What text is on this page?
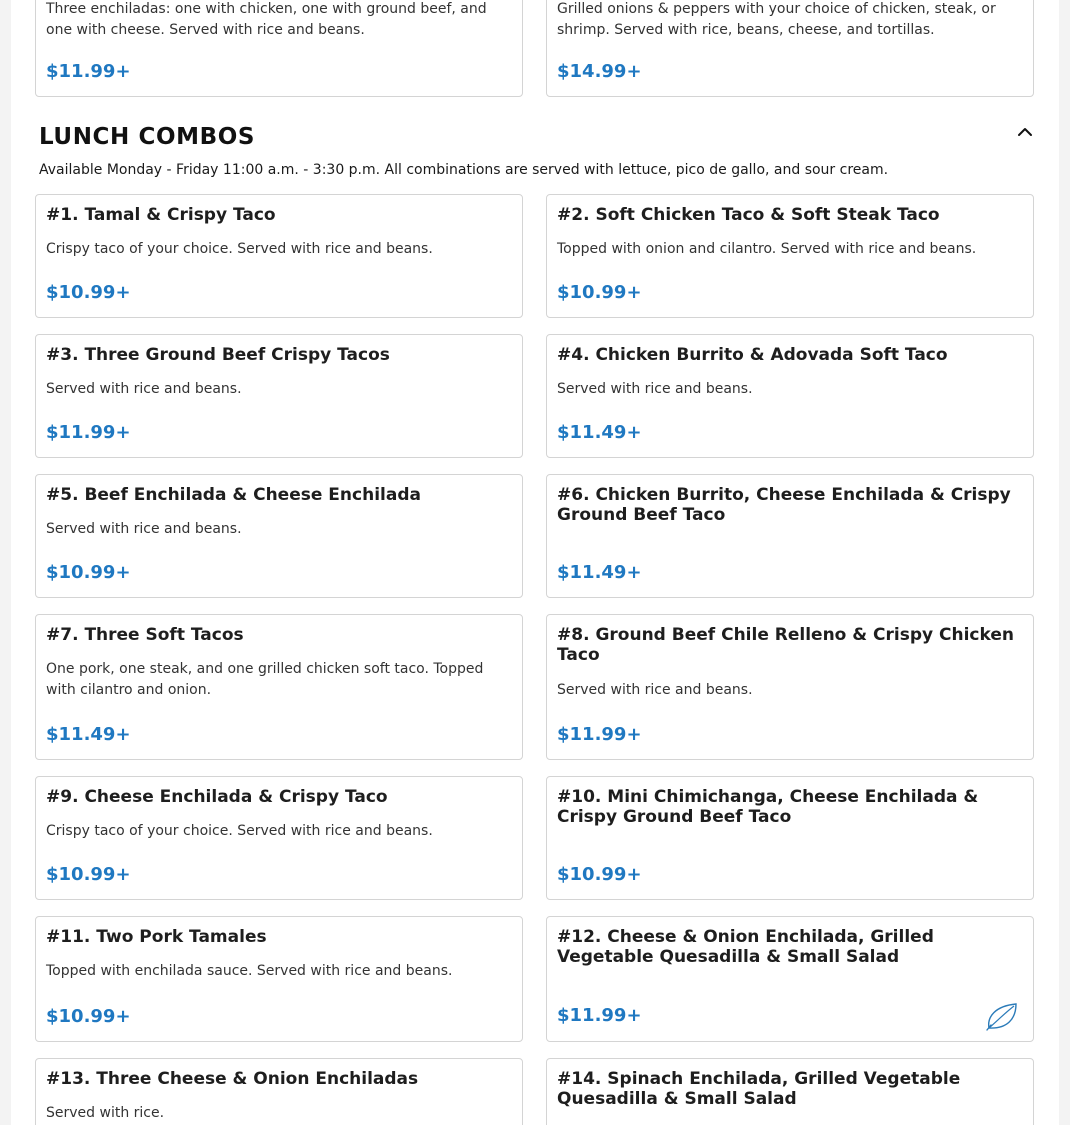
Three enchiladas: one with chicken, one with ground beef, and one with cheese. Served with rice and beans.
$11.99+
Grilled onions & peppers with your choice of chicken, steak, or shrimp. Served with rice, beans, cheese, and tortillas.
$14.99+
LUNCH COMBOS
Available Monday - Friday 11:00 a.m. - 3:30 p.m. All combinations are served with lettuce, pico de gallo, and sour cream.
#1. Tamal & Crispy Taco
Crispy taco of your choice. Served with rice and beans.
$10.99+
#2. Soft Chicken Taco & Soft Steak Taco
Topped with onion and cilantro. Served with rice and beans.
$10.99+
#3. Three Ground Beef Crispy Tacos
Served with rice and beans.
$11.99+
#4. Chicken Burrito & Adovada Soft Taco
Served with rice and beans.
$11.49+
#5. Beef Enchilada & Cheese Enchilada
Served with rice and beans.
$10.99+
#6. Chicken Burrito, Cheese Enchilada & Crispy Ground Beef Taco
$11.49+
#7. Three Soft Tacos
One pork, one steak, and one grilled chicken soft taco. Topped with cilantro and onion.
$11.49+
#8. Ground Beef Chile Relleno & Crispy Chicken Taco
Served with rice and beans.
$11.99+
#9. Cheese Enchilada & Crispy Taco
Crispy taco of your choice. Served with rice and beans.
$10.99+
#10. Mini Chimichanga, Cheese Enchilada & Crispy Ground Beef Taco
$10.99+
#11. Two Pork Tamales
Topped with enchilada sauce. Served with rice and beans.
$10.99+
#12. Cheese & Onion Enchilada, Grilled Vegetable Quesadilla & Small Salad
$11.99+
#13. Three Cheese & Onion Enchiladas
Served with rice.
#14. Spinach Enchilada, Grilled Vegetable Quesadilla & Small Salad
